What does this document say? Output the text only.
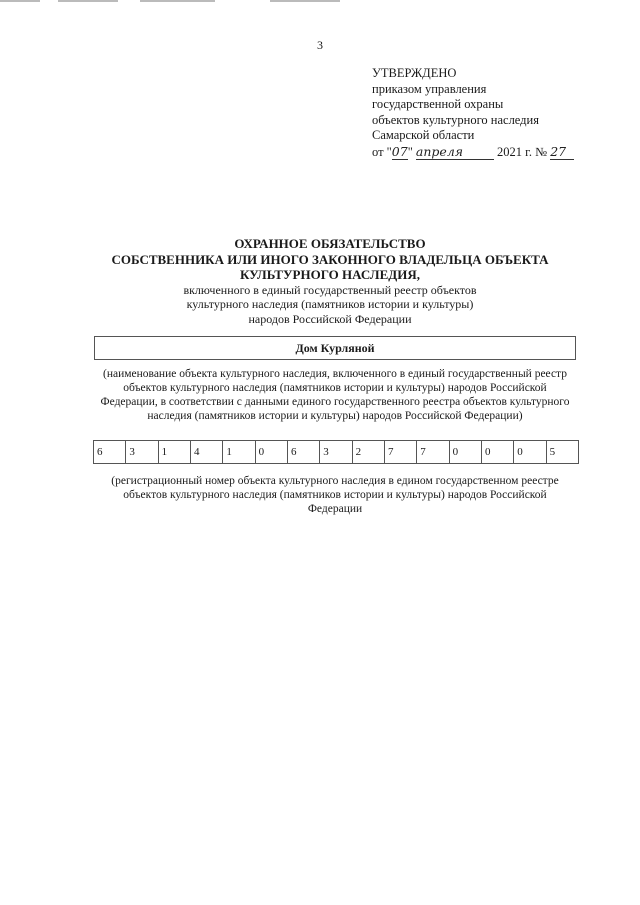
3
УТВЕРЖДЕНО
приказом управления
государственной охраны
объектов культурного наследия
Самарской области
от "07" апреля 2021 г. № 27
ОХРАННОЕ ОБЯЗАТЕЛЬСТВО
СОБСТВЕННИКА ИЛИ ИНОГО ЗАКОННОГО ВЛАДЕЛЬЦА ОБЪЕКТА
КУЛЬТУРНОГО НАСЛЕДИЯ,
включенного в единый государственный реестр объектов
культурного наследия (памятников истории и культуры)
народов Российской Федерации
Дом Курляной
(наименование объекта культурного наследия, включенного в единый государственный реестр объектов культурного наследия (памятников истории и культуры) народов Российской Федерации, в соответствии с данными единого государственного реестра объектов культурного наследия (памятников истории и культуры) народов Российской Федерации)
6	3	1	4	1	0	6	3	2	7	7	0	0	0	5
(регистрационный номер объекта культурного наследия в едином государственном реестре объектов культурного наследия (памятников истории и культуры) народов Российской Федерации
